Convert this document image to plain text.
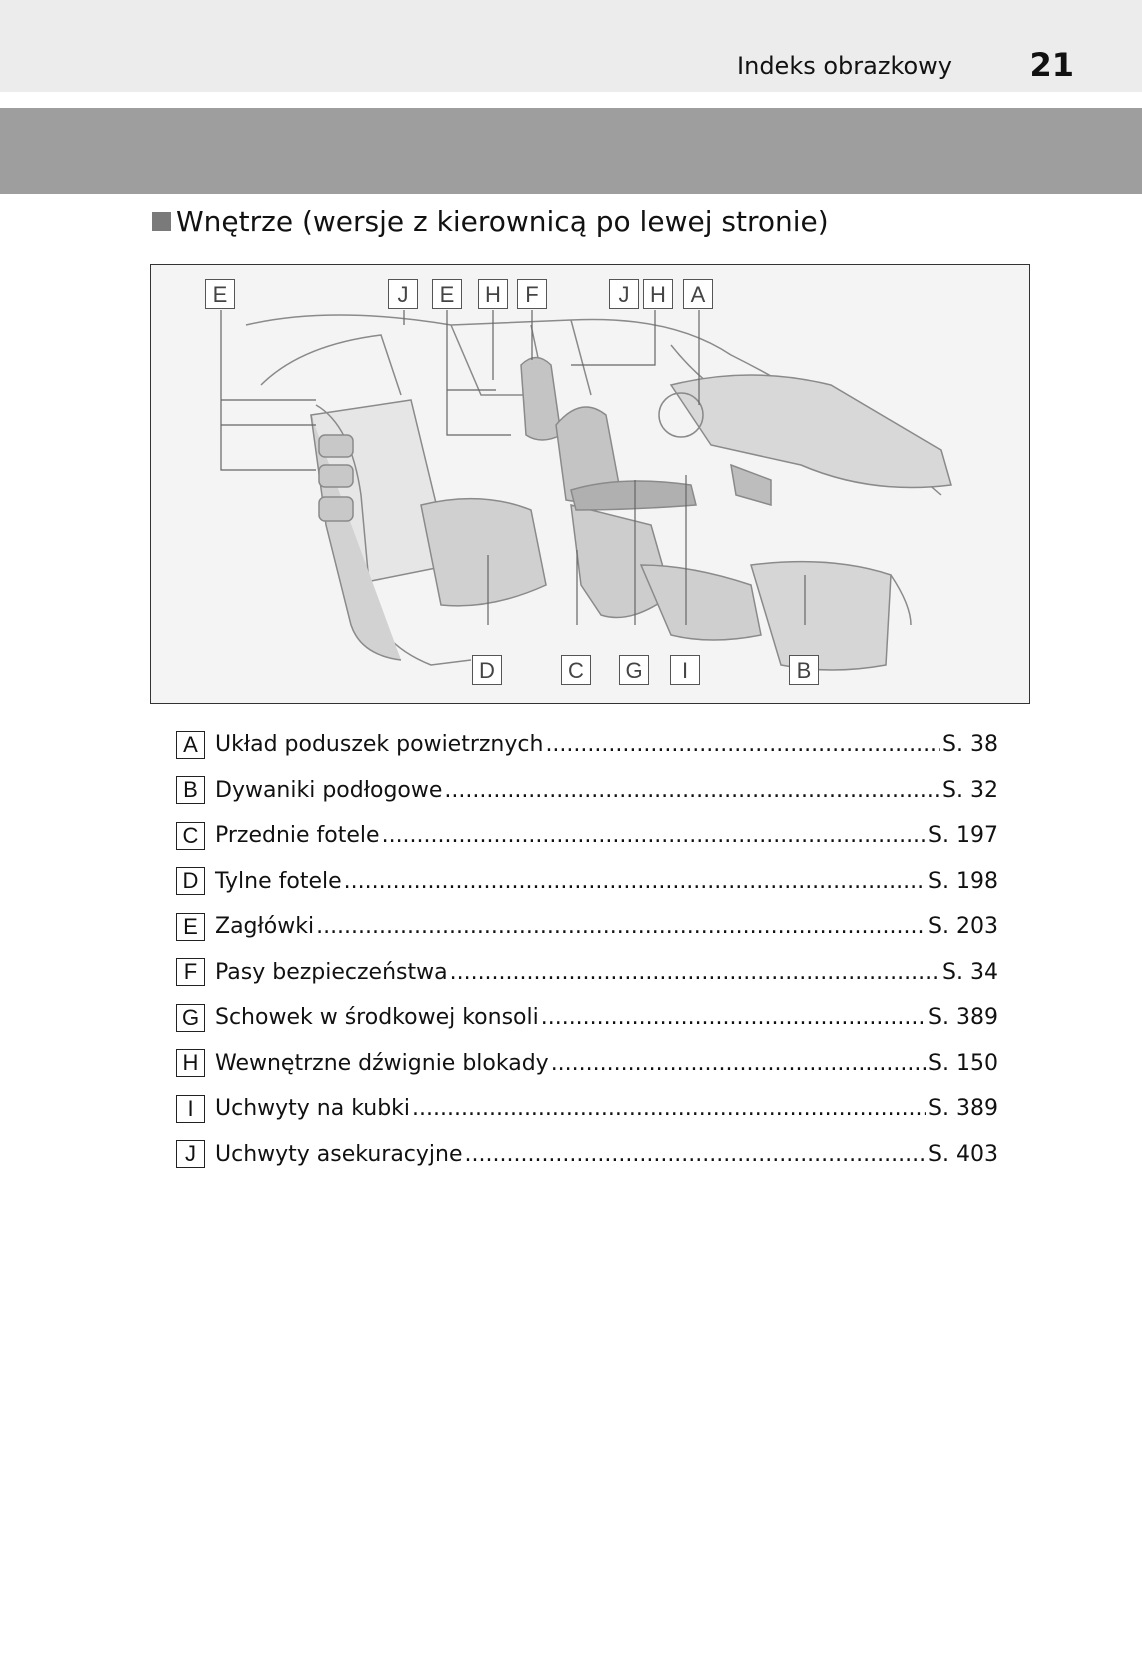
Indeks obrazkowy 21
Wnętrze (wersje z kierownicą po lewej stronie)
E	J	E	H	F	J H	A
D	C	G	I	B
A Układ poduszek powietrznych .....	S. 38
B Dywaniki podłogowe .....	S. 32
C Przednie fotele .....	S. 197
D Tylne fotele .....	S. 198
E Zagłówki .....	S. 203
F Pasy bezpieczeństwa .....	S. 34
G Schowek w środkowej konsoli .....	S. 389
H Wewnętrzne dźwignie blokady .....	S. 150
I Uchwyty na kubki .....	S. 389
J Uchwyty asekuracyjne .....	S. 403
